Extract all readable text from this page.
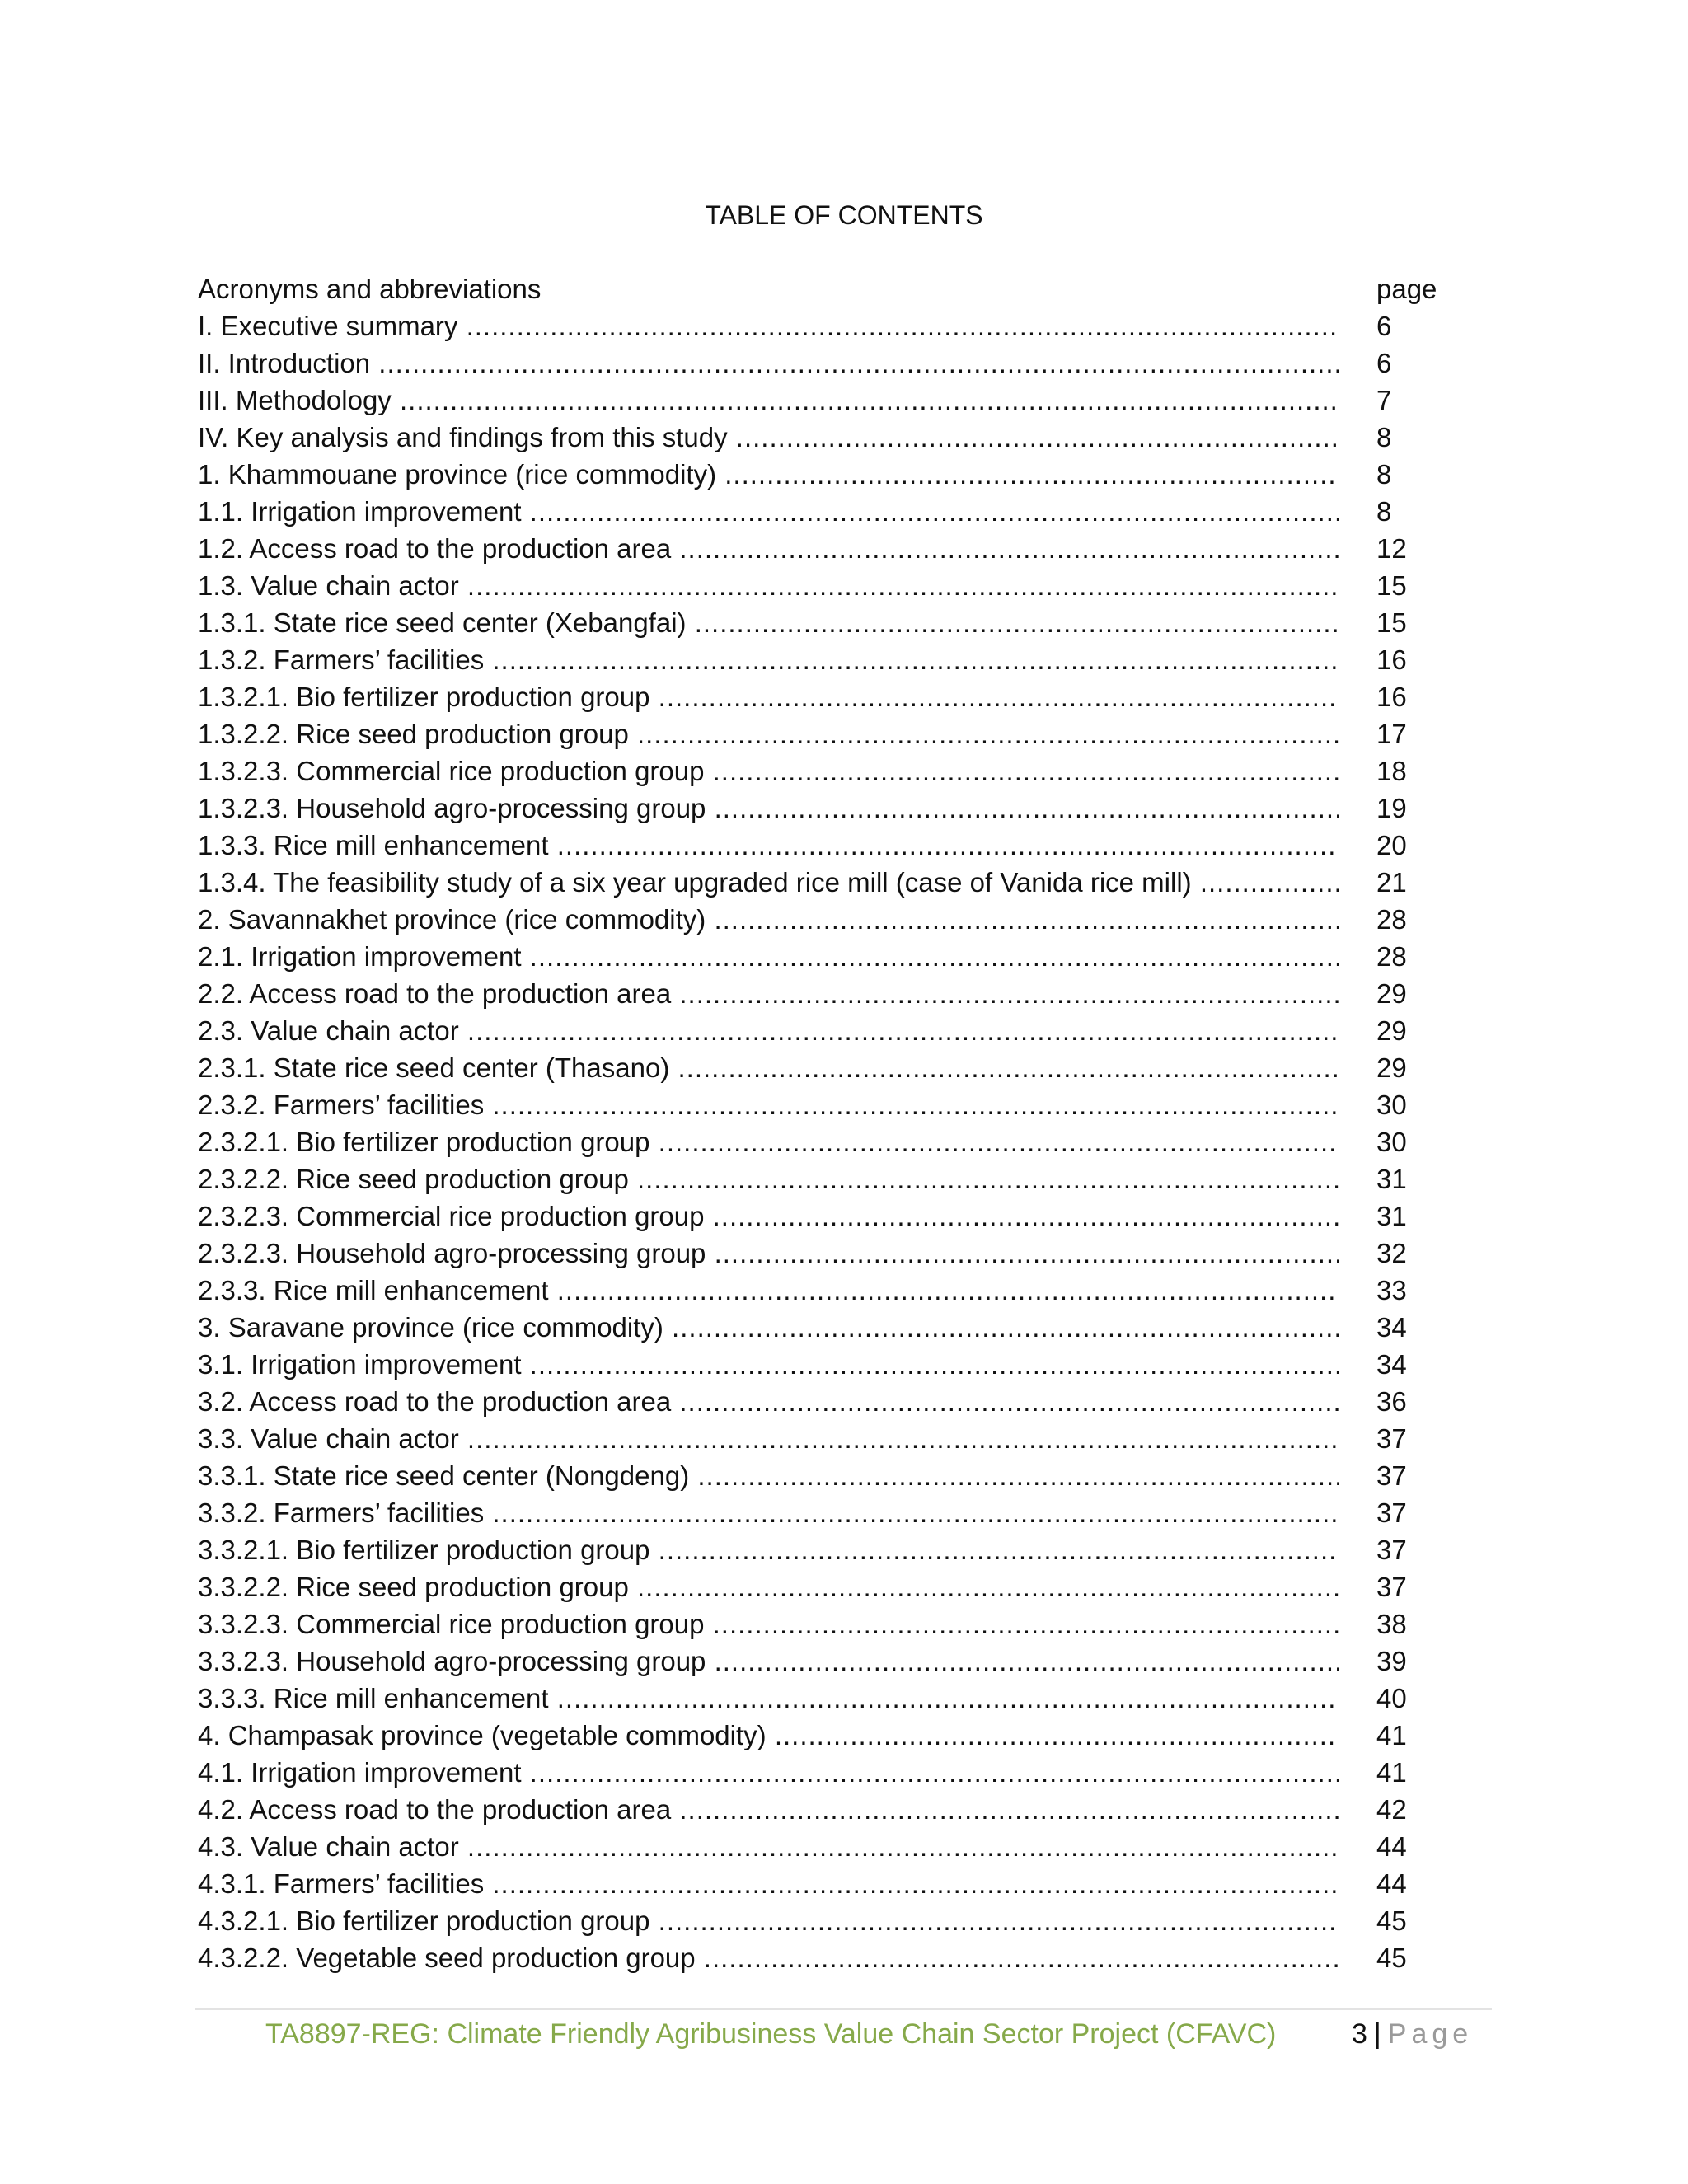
TABLE OF CONTENTS
Acronyms and abbreviations	page
I. Executive summary .....	6
II. Introduction .....	6
III. Methodology .....	7
IV. Key analysis and findings from this study .....	8
1. Khammouane province (rice commodity) .....	8
1.1. Irrigation improvement .....	8
1.2. Access road to the production area .....	12
1.3. Value chain actor .....	15
1.3.1. State rice seed center (Xebangfai) .....	15
1.3.2. Farmers’ facilities .....	16
1.3.2.1. Bio fertilizer production group .....	16
1.3.2.2. Rice seed production group .....	17
1.3.2.3. Commercial rice production group .....	18
1.3.2.3. Household agro-processing group .....	19
1.3.3. Rice mill enhancement .....	20
1.3.4. The feasibility study of a six year upgraded rice mill (case of Vanida rice mill) .....	21
2. Savannakhet province (rice commodity) .....	28
2.1. Irrigation improvement .....	28
2.2. Access road to the production area .....	29
2.3. Value chain actor .....	29
2.3.1. State rice seed center (Thasano) .....	29
2.3.2. Farmers’ facilities .....	30
2.3.2.1. Bio fertilizer production group .....	30
2.3.2.2. Rice seed production group .....	31
2.3.2.3. Commercial rice production group .....	31
2.3.2.3. Household agro-processing group .....	32
2.3.3. Rice mill enhancement .....	33
3. Saravane province (rice commodity) .....	34
3.1. Irrigation improvement .....	34
3.2. Access road to the production area .....	36
3.3. Value chain actor .....	37
3.3.1. State rice seed center (Nongdeng) .....	37
3.3.2. Farmers’ facilities .....	37
3.3.2.1. Bio fertilizer production group .....	37
3.3.2.2. Rice seed production group .....	37
3.3.2.3. Commercial rice production group .....	38
3.3.2.3. Household agro-processing group .....	39
3.3.3. Rice mill enhancement .....	40
4. Champasak province (vegetable commodity) .....	41
4.1. Irrigation improvement .....	41
4.2. Access road to the production area .....	42
4.3. Value chain actor .....	44
4.3.1. Farmers’ facilities .....	44
4.3.2.1. Bio fertilizer production group .....	45
4.3.2.2. Vegetable seed production group .....	45
TA8897-REG: Climate Friendly Agribusiness Value Chain Sector Project (CFAVC)	3 | Page
